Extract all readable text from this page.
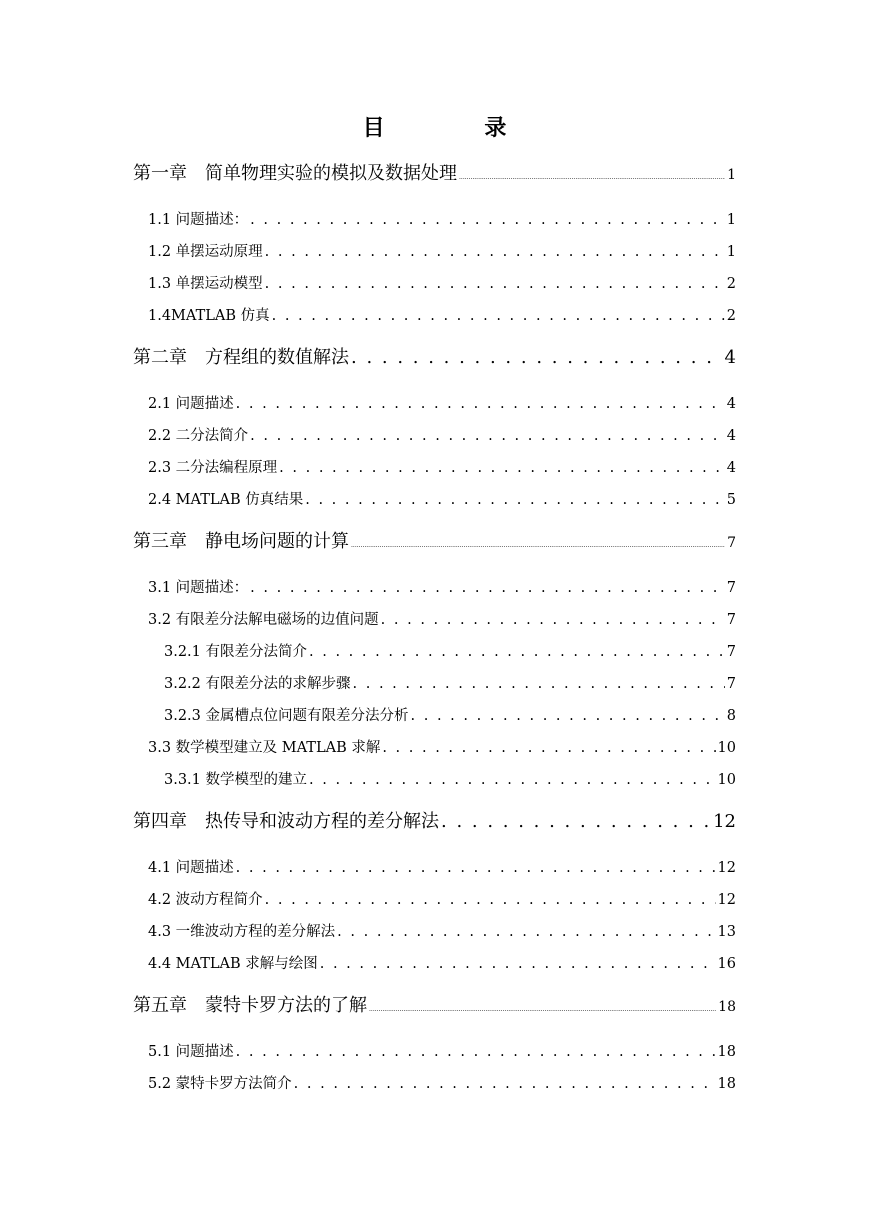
目 录
第一章　简单物理实验的模拟及数据处理 .....	1
1.1 问题描述： . . .	1
1.2 单摆运动原理 . . .	1
1.3 单摆运动模型 . . .	2
1.4MATLAB 仿真 . . .	2
第二章　方程组的数值解法 . . .	4
2.1 问题描述 . . .	4
2.2 二分法简介 . . .	4
2.3 二分法编程原理 . . .	4
2.4 MATLAB 仿真结果 . . .	5
第三章　静电场问题的计算 .....	7
3.1 问题描述： . . .	7
3.2 有限差分法解电磁场的边值问题 . . .	7
3.2.1 有限差分法简介 . . .	7
3.2.2 有限差分法的求解步骤 . . .	7
3.2.3 金属槽点位问题有限差分法分析 . . .	8
3.3 数学模型建立及 MATLAB 求解 . . .	10
3.3.1 数学模型的建立 . . .	10
第四章　热传导和波动方程的差分解法 . . .	12
4.1 问题描述 . . .	12
4.2 波动方程简介 . . .	12
4.3 一维波动方程的差分解法 . . .	13
4.4 MATLAB 求解与绘图 . . .	16
第五章　蒙特卡罗方法的了解 .....	18
5.1 问题描述 . . .	18
5.2 蒙特卡罗方法简介 . . .	18
